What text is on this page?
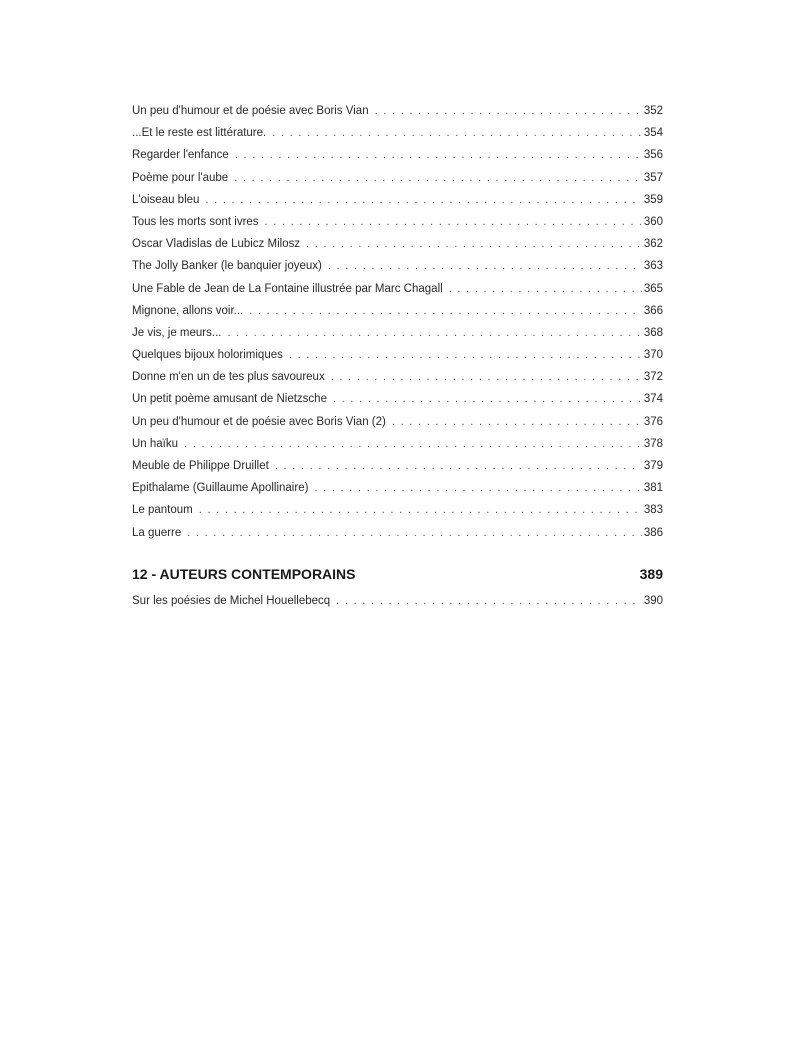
Un peu d'humour et de poésie avec Boris Vian . . .	352
...Et le reste est littérature. . . .	354
Regarder l'enfance . . .	356
Poème pour l'aube . . .	357
L'oiseau bleu . . .	359
Tous les morts sont ivres . . .	360
Oscar Vladislas de Lubicz Milosz . . .	362
The Jolly Banker (le banquier joyeux) . . .	363
Une Fable de Jean de La Fontaine illustrée par Marc Chagall . . .	365
Mignone, allons voir... . . .	366
Je vis, je meurs... . . .	368
Quelques bijoux holorimiques . . .	370
Donne m'en un de tes plus savoureux . . .	372
Un petit poème amusant de Nietzsche . . .	374
Un peu d'humour et de poésie avec Boris Vian (2) . . .	376
Un haïku . . .	378
Meuble de Philippe Druillet . . .	379
Epithalame (Guillaume Apollinaire) . . .	381
Le pantoum . . .	383
La guerre . . .	386
12 - AUTEURS CONTEMPORAINS	389
Sur les poésies de Michel Houellebecq . . .	390
